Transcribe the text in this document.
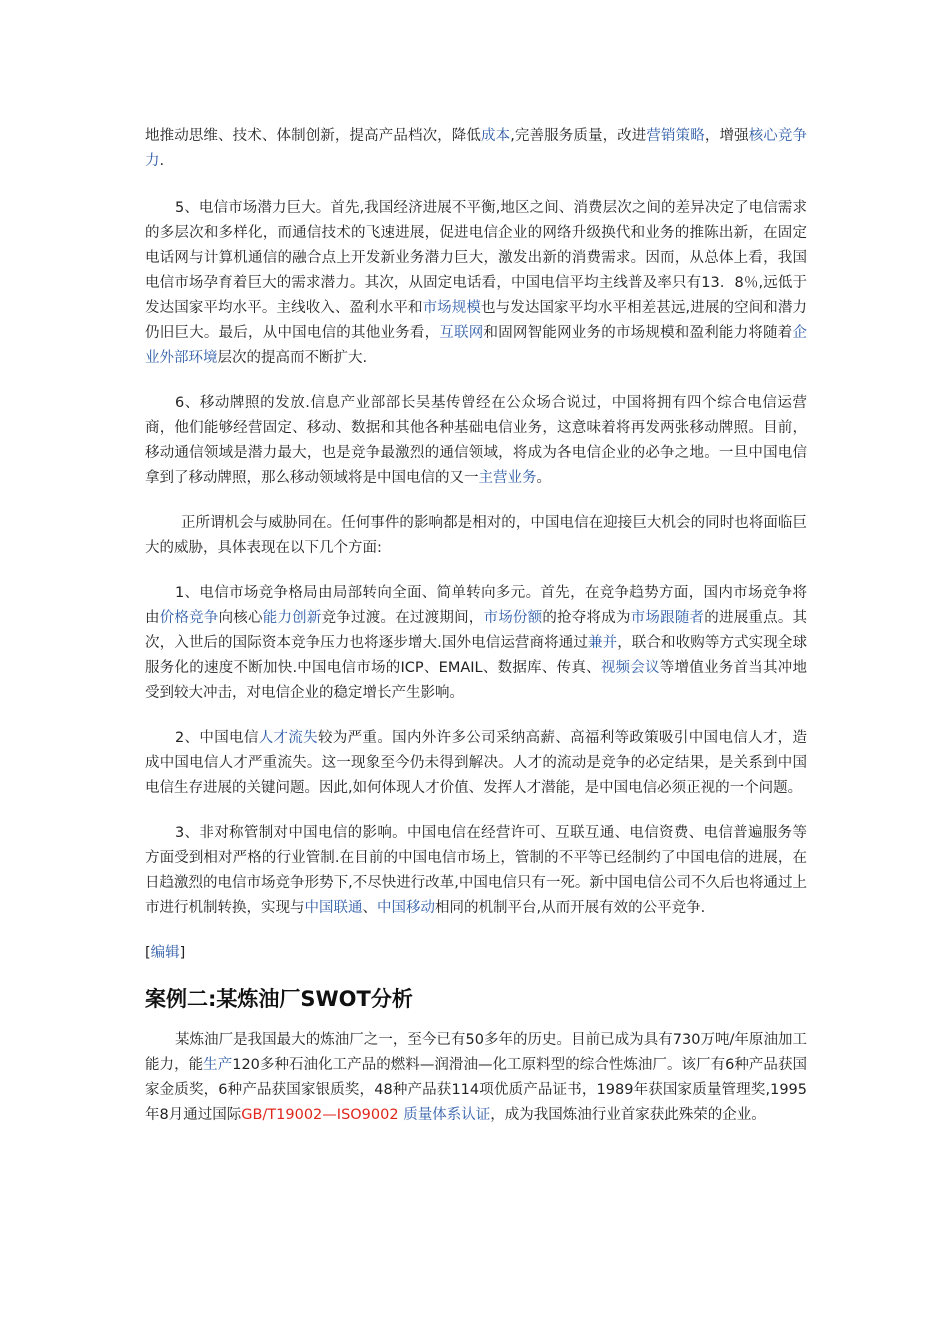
地推动思维、技术、体制创新，提高产品档次，降低成本,完善服务质量，改进营销策略，增强核心竞争力.

5、电信市场潜力巨大。首先,我国经济进展不平衡,地区之间、消费层次之间的差异决定了电信需求的多层次和多样化，而通信技术的飞速进展，促进电信企业的网络升级换代和业务的推陈出新，在固定电话网与计算机通信的融合点上开发新业务潜力巨大，激发出新的消费需求。因而，从总体上看，我国电信市场孕育着巨大的需求潜力。其次，从固定电话看，中国电信平均主线普及率只有13．8％,远低于发达国家平均水平。主线收入、盈利水平和市场规模也与发达国家平均水平相差甚远,进展的空间和潜力仍旧巨大。最后，从中国电信的其他业务看，互联网和固网智能网业务的市场规模和盈利能力将随着企业外部环境层次的提高而不断扩大.

6、移动牌照的发放.信息产业部部长吴基传曾经在公众场合说过，中国将拥有四个综合电信运营商，他们能够经营固定、移动、数据和其他各种基础电信业务，这意味着将再发两张移动牌照。目前，移动通信领域是潜力最大，也是竞争最激烈的通信领域，将成为各电信企业的必争之地。一旦中国电信拿到了移动牌照，那么移动领域将是中国电信的又一主营业务。

正所谓机会与威胁同在。任何事件的影响都是相对的，中国电信在迎接巨大机会的同时也将面临巨大的威胁，具体表现在以下几个方面:

1、电信市场竞争格局由局部转向全面、简单转向多元。首先，在竞争趋势方面，国内市场竞争将由价格竞争向核心能力创新竞争过渡。在过渡期间，市场份额的抢夺将成为市场跟随者的进展重点。其次，入世后的国际资本竞争压力也将逐步增大.国外电信运营商将通过兼并，联合和收购等方式实现全球服务化的速度不断加快.中国电信市场的ICP、EMAIL、数据库、传真、视频会议等增值业务首当其冲地受到较大冲击，对电信企业的稳定增长产生影响。

2、中国电信人才流失较为严重。国内外许多公司采纳高薪、高福利等政策吸引中国电信人才，造成中国电信人才严重流失。这一现象至今仍未得到解决。人才的流动是竞争的必定结果，是关系到中国电信生存进展的关键问题。因此,如何体现人才价值、发挥人才潜能，是中国电信必须正视的一个问题。

3、非对称管制对中国电信的影响。中国电信在经营许可、互联互通、电信资费、电信普遍服务等方面受到相对严格的行业管制.在目前的中国电信市场上，管制的不平等已经制约了中国电信的进展，在日趋激烈的电信市场竞争形势下,不尽快进行改革,中国电信只有一死。新中国电信公司不久后也将通过上市进行机制转换，实现与中国联通、中国移动相同的机制平台,从而开展有效的公平竞争.

[编辑]

案例二:某炼油厂SWOT分析

某炼油厂是我国最大的炼油厂之一，至今已有50多年的历史。目前已成为具有730万吨/年原油加工能力，能生产120多种石油化工产品的燃料—润滑油—化工原料型的综合性炼油厂。该厂有6种产品获国家金质奖，6种产品获国家银质奖，48种产品获114项优质产品证书，1989年获国家质量管理奖,1995年8月通过国际GB/T19002—ISO9002 质量体系认证，成为我国炼油行业首家获此殊荣的企业。
